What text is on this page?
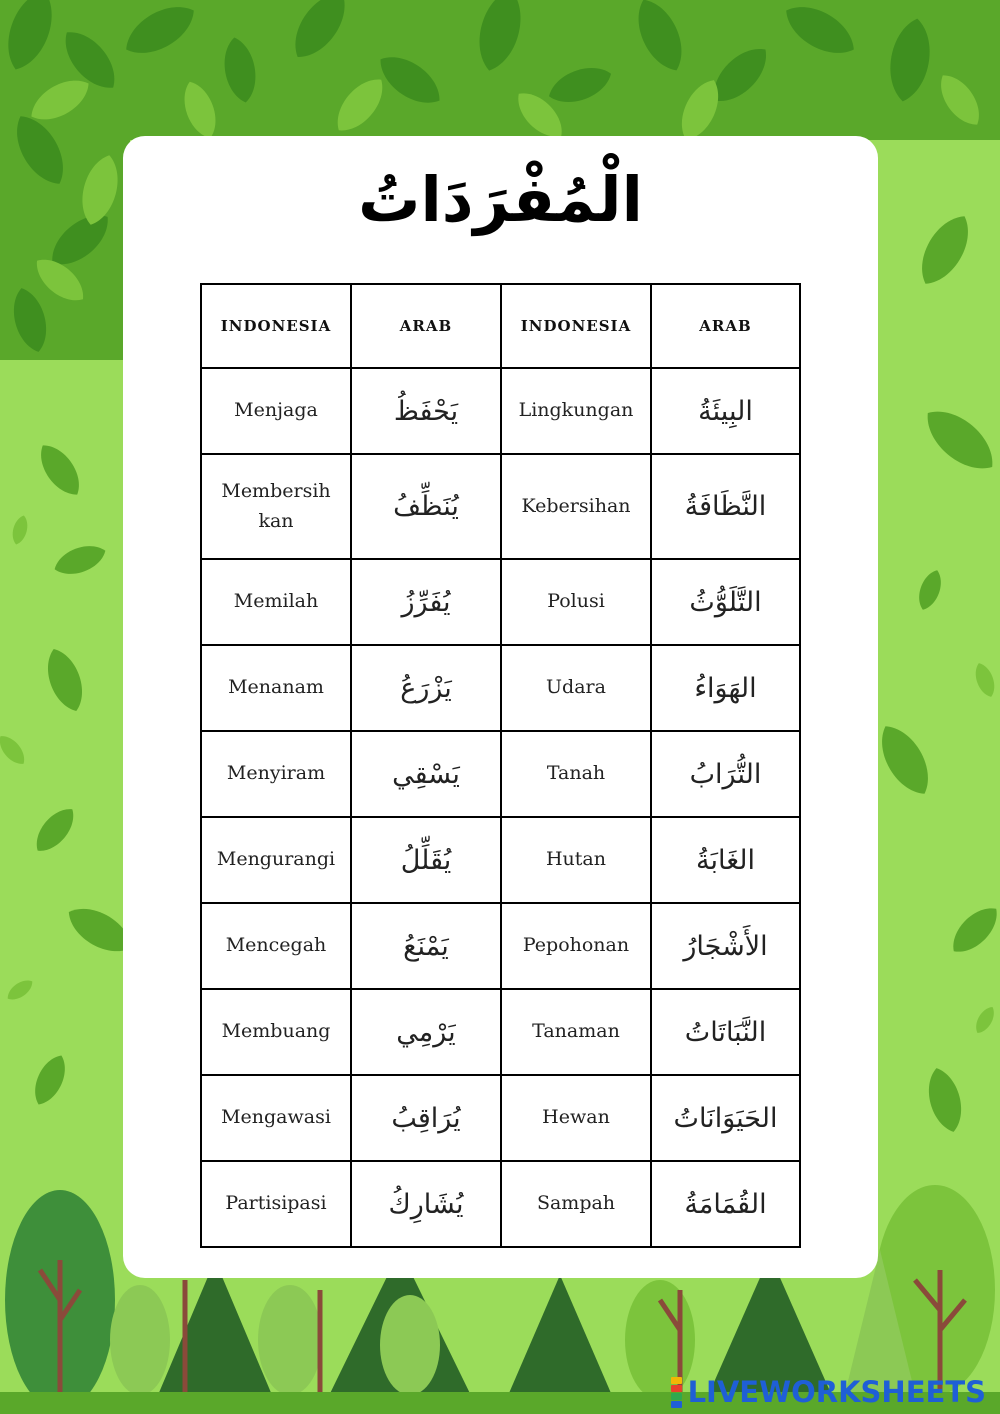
الْمُفْرَدَاتُ
INDONESIA	ARAB	INDONESIA	ARAB
Menjaga	يَحْفَظُ	Lingkungan	البِيئَةُ
Membersih kan	يُنَظِّفُ	Kebersihan	النَّظَافَةُ
Memilah	يُفَرِّزُ	Polusi	التَّلَوُّثُ
Menanam	يَزْرَعُ	Udara	الهَوَاءُ
Menyiram	يَسْقِي	Tanah	التُّرَابُ
Mengurangi	يُقَلِّلُ	Hutan	الغَابَةُ
Mencegah	يَمْنَعُ	Pepohonan	الأَشْجَارُ
Membuang	يَرْمِي	Tanaman	النَّبَاتَاتُ
Mengawasi	يُرَاقِبُ	Hewan	الحَيَوَانَاتُ
Partisipasi	يُشَارِكُ	Sampah	القُمَامَةُ
LIVEWORKSHEETS
